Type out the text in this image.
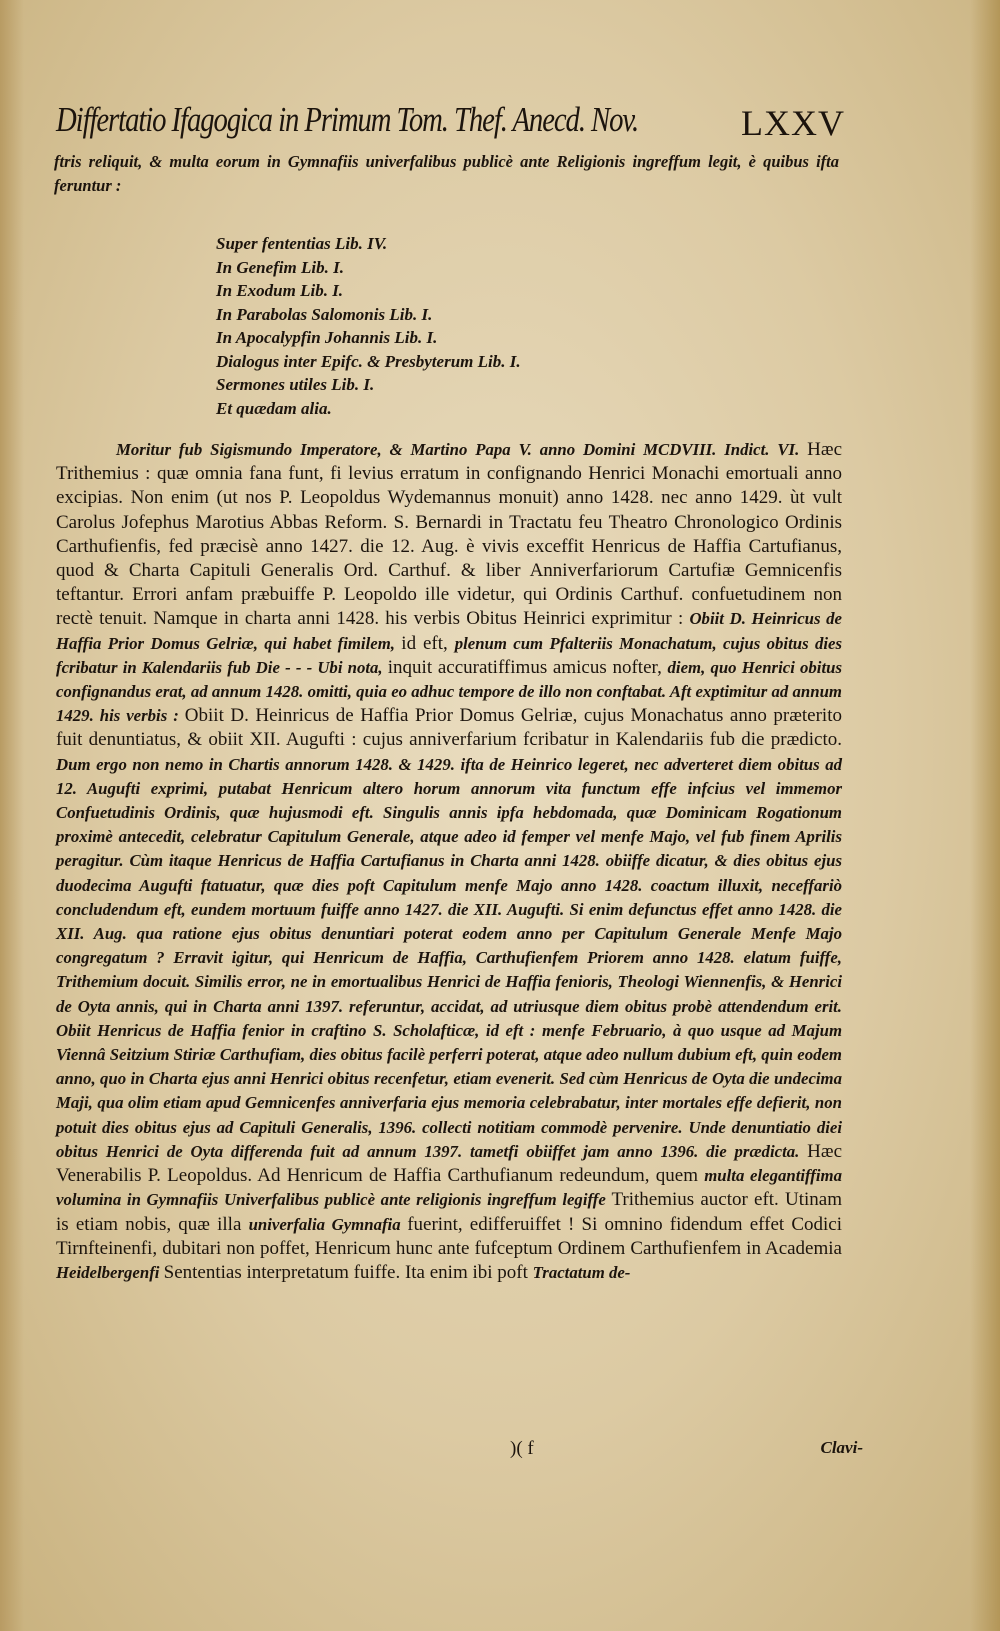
Differtatio Ifagogica in Primum Tom. Thef. Anecd. Nov.	LXXV
ftris reliquit, & multa eorum in Gymnafiis univerfalibus publicè ante Religionis ingreffum legit, è quibus ifta feruntur :
Super fententias Lib. IV.
In Genefim Lib. I.
In Exodum Lib. I.
In Parabolas Salomonis Lib. I.
In Apocalypfin Johannis Lib. I.
Dialogus inter Epifc. & Presbyterum Lib. I.
Sermones utiles Lib. I.
Et quædam alia.

Moritur fub Sigismundo Imperatore, & Martino Papa V. anno Domini MCDVIII. Indict. VI. Hæc Trithemius : quæ omnia fana funt, fi levius erratum in confignando Henrici Monachi emortuali anno excipias. Non enim (ut nos P. Leopoldus Wydemannus monuit) anno 1428. nec anno 1429. ùt vult Carolus Jofephus Marotius Abbas Reform. S. Bernardi in Tractatu feu Theatro Chronologico Ordinis Carthufienfis, fed præcisè anno 1427. die 12. Aug. è vivis exceffit Henricus de Haffia Cartufianus, quod & Charta Capituli Generalis Ord. Carthuf. & liber Anniverfariorum Cartufiæ Gemnicenfis teftantur. Errori anfam præbuiffe P. Leopoldo ille videtur, qui Ordinis Carthuf. confuetudinem non rectè tenuit. Namque in charta anni 1428. his verbis Obitus Heinrici exprimitur : Obiit D. Heinricus de Haffia Prior Domus Gelriæ, qui habet fimilem, id eft, plenum cum Pfalteriis Monachatum, cujus obitus dies fcribatur in Kalendariis fub Die - - - Ubi nota, inquit accuratiffimus amicus nofter, diem, quo Henrici obitus confignandus erat, ad annum 1428. omitti, quia eo adhuc tempore de illo non conftabat. Aft exptimitur ad annum 1429. his verbis : Obiit D. Heinricus de Haffia Prior Domus Gelriæ, cujus Monachatus anno præterito fuit denuntiatus, & obiit XII. Augufti : cujus anniverfarium fcribatur in Kalendariis fub die prædicto. Dum ergo non nemo in Chartis annorum 1428. & 1429. ifta de Heinrico legeret, nec adverteret diem obitus ad 12. Augufti exprimi, putabat Henricum altero horum annorum vita functum effe infcius vel immemor Confuetudinis Ordinis, quæ hujusmodi eft. Singulis annis ipfa hebdomada, quæ Dominicam Rogationum proximè antecedit, celebratur Capitulum Generale, atque adeo id femper vel menfe Majo, vel fub finem Aprilis peragitur. Cùm itaque Henricus de Haffia Cartufianus in Charta anni 1428. obiiffe dicatur, & dies obitus ejus duodecima Augufti ftatuatur, quæ dies poft Capitulum menfe Majo anno 1428. coactum illuxit, neceffariò concludendum eft, eundem mortuum fuiffe anno 1427. die XII. Augufti. Si enim defunctus effet anno 1428. die XII. Aug. qua ratione ejus obitus denuntiari poterat eodem anno per Capitulum Generale Menfe Majo congregatum ? Erravit igitur, qui Henricum de Haffia, Carthufienfem Priorem anno 1428. elatum fuiffe, Trithemium docuit. Similis error, ne in emortualibus Henrici de Haffia fenioris, Theologi Wiennenfis, & Henrici de Oyta annis, qui in Charta anni 1397. referuntur, accidat, ad utriusque diem obitus probè attendendum erit. Obiit Henricus de Haffia fenior in craftino S. Scholafticæ, id eft : menfe Februario, à quo usque ad Majum Viennâ Seitzium Stiriæ Carthufiam, dies obitus facilè perferri poterat, atque adeo nullum dubium eft, quin eodem anno, quo in Charta ejus anni Henrici obitus recenfetur, etiam evenerit. Sed cùm Henricus de Oyta die undecima Maji, qua olim etiam apud Gemnicenfes anniverfaria ejus memoria celebrabatur, inter mortales effe defierit, non potuit dies obitus ejus ad Capituli Generalis, 1396. collecti notitiam commodè pervenire. Unde denuntiatio diei obitus Henrici de Oyta differenda fuit ad annum 1397. tametfi obiiffet jam anno 1396. die prædicta. Hæc Venerabilis P. Leopoldus. Ad Henricum de Haffia Carthufianum redeundum, quem multa elegantiffima volumina in Gymnafiis Univerfalibus publicè ante religionis ingreffum legiffe Trithemius auctor eft. Utinam is etiam nobis, quæ illa univerfalia Gymnafia fuerint, edifferuiffet ! Si omnino fidendum effet Codici Tirnfteinenfi, dubitari non poffet, Henricum hunc ante fufceptum Ordinem Carthufienfem in Academia Heidelbergenfi Sententias interpretatum fuiffe. Ita enim ibi poft Tractatum de-

)( f	Clavi-
